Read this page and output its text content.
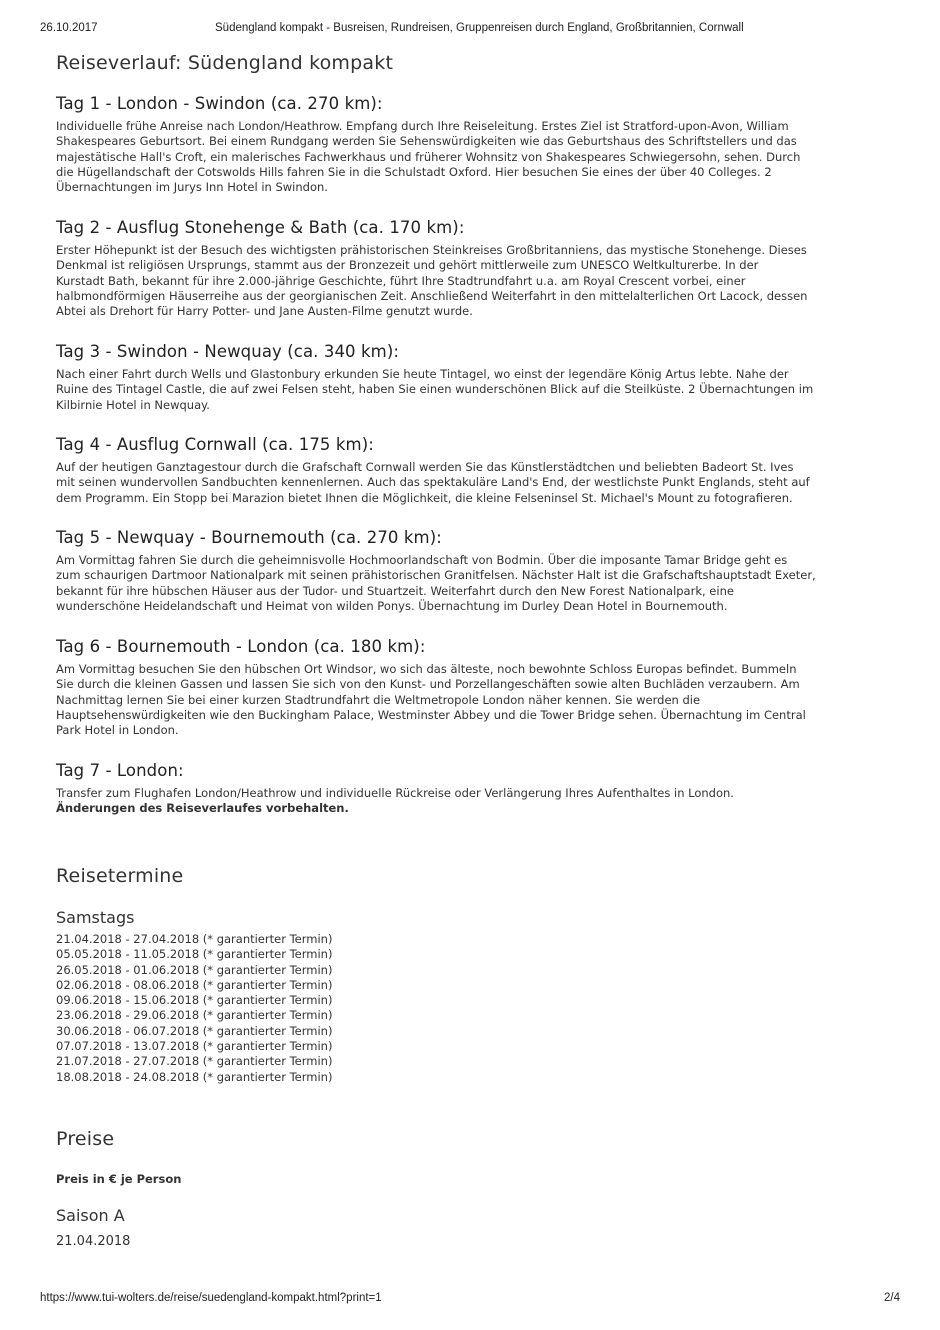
26.10.2017	Südengland kompakt - Busreisen, Rundreisen, Gruppenreisen durch England, Großbritannien, Cornwall
Reiseverlauf: Südengland kompakt
Tag 1 - London - Swindon (ca. 270 km):

Individuelle frühe Anreise nach London/Heathrow. Empfang durch Ihre Reiseleitung. Erstes Ziel ist Stratford-upon-Avon, William
Shakespeares Geburtsort. Bei einem Rundgang werden Sie Sehenswürdigkeiten wie das Geburtshaus des Schriftstellers und das
majestätische Hall's Croft, ein malerisches Fachwerkhaus und früherer Wohnsitz von Shakespeares Schwiegersohn, sehen. Durch
die Hügellandschaft der Cotswolds Hills fahren Sie in die Schulstadt Oxford. Hier besuchen Sie eines der über 40 Colleges. 2
Übernachtungen im Jurys Inn Hotel in Swindon.

Tag 2 - Ausflug Stonehenge & Bath (ca. 170 km):

Erster Höhepunkt ist der Besuch des wichtigsten prähistorischen Steinkreises Großbritanniens, das mystische Stonehenge. Dieses
Denkmal ist religiösen Ursprungs, stammt aus der Bronzezeit und gehört mittlerweile zum UNESCO Weltkulturerbe. In der
Kurstadt Bath, bekannt für ihre 2.000-jährige Geschichte, führt Ihre Stadtrundfahrt u.a. am Royal Crescent vorbei, einer
halbmondförmigen Häuserreihe aus der georgianischen Zeit. Anschließend Weiterfahrt in den mittelalterlichen Ort Lacock, dessen
Abtei als Drehort für Harry Potter- und Jane Austen-Filme genutzt wurde.

Tag 3 - Swindon - Newquay (ca. 340 km):

Nach einer Fahrt durch Wells und Glastonbury erkunden Sie heute Tintagel, wo einst der legendäre König Artus lebte. Nahe der
Ruine des Tintagel Castle, die auf zwei Felsen steht, haben Sie einen wunderschönen Blick auf die Steilküste. 2 Übernachtungen im
Kilbirnie Hotel in Newquay.

Tag 4 - Ausflug Cornwall (ca. 175 km):

Auf der heutigen Ganztagestour durch die Grafschaft Cornwall werden Sie das Künstlerstädtchen und beliebten Badeort St. Ives
mit seinen wundervollen Sandbuchten kennenlernen. Auch das spektakuläre Land's End, der westlichste Punkt Englands, steht auf
dem Programm. Ein Stopp bei Marazion bietet Ihnen die Möglichkeit, die kleine Felseninsel St. Michael's Mount zu fotografieren.

Tag 5 - Newquay - Bournemouth (ca. 270 km):

Am Vormittag fahren Sie durch die geheimnisvolle Hochmoorlandschaft von Bodmin. Über die imposante Tamar Bridge geht es
zum schaurigen Dartmoor Nationalpark mit seinen prähistorischen Granitfelsen. Nächster Halt ist die Grafschaftshauptstadt Exeter,
bekannt für ihre hübschen Häuser aus der Tudor- und Stuartzeit. Weiterfahrt durch den New Forest Nationalpark, eine
wunderschöne Heidelandschaft und Heimat von wilden Ponys. Übernachtung im Durley Dean Hotel in Bournemouth.

Tag 6 - Bournemouth - London (ca. 180 km):

Am Vormittag besuchen Sie den hübschen Ort Windsor, wo sich das älteste, noch bewohnte Schloss Europas befindet. Bummeln
Sie durch die kleinen Gassen und lassen Sie sich von den Kunst- und Porzellangeschäften sowie alten Buchläden verzaubern. Am
Nachmittag lernen Sie bei einer kurzen Stadtrundfahrt die Weltmetropole London näher kennen. Sie werden die
Hauptsehenswürdigkeiten wie den Buckingham Palace, Westminster Abbey und die Tower Bridge sehen. Übernachtung im Central
Park Hotel in London.

Tag 7 - London:

Transfer zum Flughafen London/Heathrow und individuelle Rückreise oder Verlängerung Ihres Aufenthaltes in London.

Änderungen des Reiseverlaufes vorbehalten.

Reisetermine
Samstags
21.04.2018 - 27.04.2018 (* garantierter Termin)
05.05.2018 - 11.05.2018 (* garantierter Termin)
26.05.2018 - 01.06.2018 (* garantierter Termin)
02.06.2018 - 08.06.2018 (* garantierter Termin)
09.06.2018 - 15.06.2018 (* garantierter Termin)
23.06.2018 - 29.06.2018 (* garantierter Termin)
30.06.2018 - 06.07.2018 (* garantierter Termin)
07.07.2018 - 13.07.2018 (* garantierter Termin)
21.07.2018 - 27.07.2018 (* garantierter Termin)
18.08.2018 - 24.08.2018 (* garantierter Termin)
Preise

Preis in € je Person

Saison A

21.04.2018

https://www.tui-wolters.de/reise/suedengland-kompakt.html?print=1	2/4
